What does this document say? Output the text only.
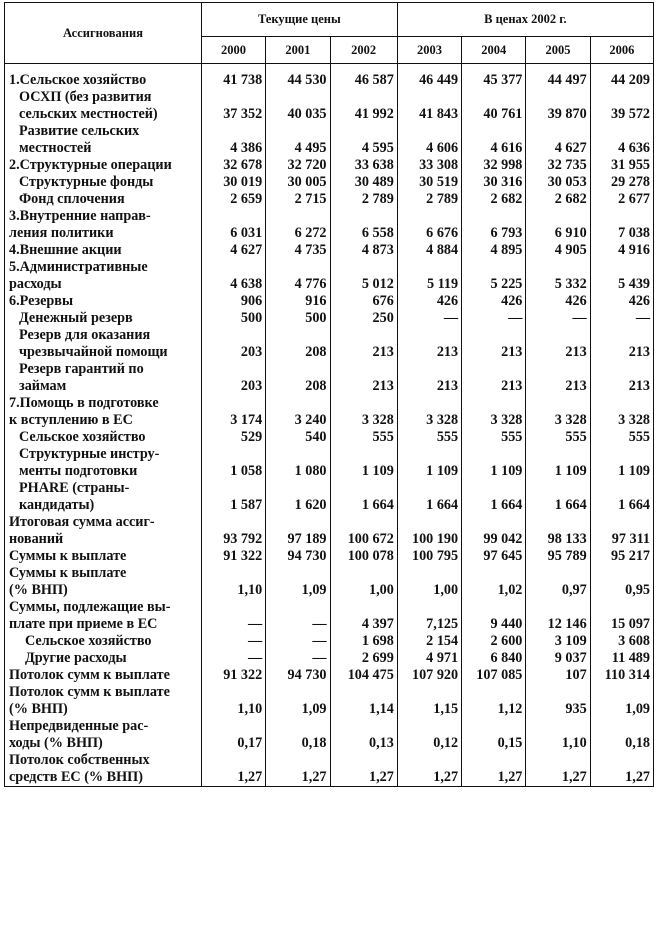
Ассигнования	Текущие цены			В ценах 2002 г.			
	2000	2001	2002	2003	2004	2005	2006

1.Сельское хозяйство	41 738	44 530	46 587	46 449	45 377	44 497	44 209

ОСХП (без развития
сельских местностей)	37 352	40 035	41 992	41 843	40 761	39 870	39 572

Развитие сельских
местностей	4 386	4 495	4 595	4 606	4 616	4 627	4 636

2.Структурные операции	32 678	32 720	33 638	33 308	32 998	32 735	31 955

Структурные фонды	30 019	30 005	30 489	30 519	30 316	30 053	29 278

Фонд сплочения	2 659	2 715	2 789	2 789	2 682	2 682	2 677

3.Внутренние направ-
ления политики	6 031	6 272	6 558	6 676	6 793	6 910	7 038

4.Внешние акции	4 627	4 735	4 873	4 884	4 895	4 905	4 916

5.Административные
расходы	4 638	4 776	5 012	5 119	5 225	5 332	5 439

6.Резервы	906	916	676	426	426	426	426

Денежный резерв	500	500	250	—	—	—	—

Резерв для оказания
чрезвычайной помощи	203	208	213	213	213	213	213

Резерв гарантий по
займам	203	208	213	213	213	213	213

7.Помощь в подготовке
к вступлению в ЕС	3 174	3 240	3 328	3 328	3 328	3 328	3 328

Сельское хозяйство	529	540	555	555	555	555	555

Структурные инстру-
менты подготовки	1 058	1 080	1 109	1 109	1 109	1 109	1 109

PHARE (страны-
кандидаты)	1 587	1 620	1 664	1 664	1 664	1 664	1 664

Итоговая сумма ассиг-
нований	93 792	97 189	100 672	100 190	99 042	98 133	97 311

Суммы к выплате	91 322	94 730	100 078	100 795	97 645	95 789	95 217

Суммы к выплате
(% ВНП)	1,10	1,09	1,00	1,00	1,02	0,97	0,95

Суммы, подлежащие вы-
плате при приеме в ЕС	—	—	4 397	7,125	9 440	12 146	15 097

Сельское хозяйство	—	—	1 698	2 154	2 600	3 109	3 608

Другие расходы	—	—	2 699	4 971	6 840	9 037	11 489

Потолок сумм к выплате	91 322	94 730	104 475	107 920	107 085	107	110 314

Потолок сумм к выплате
(% ВНП)	1,10	1,09	1,14	1,15	1,12	935	1,09

Непредвиденные рас-
ходы (% ВНП)	0,17	0,18	0,13	0,12	0,15	1,10	0,18

Потолок собственных
средств ЕС (% ВНП)	1,27	1,27	1,27	1,27	1,27	1,27	1,27
